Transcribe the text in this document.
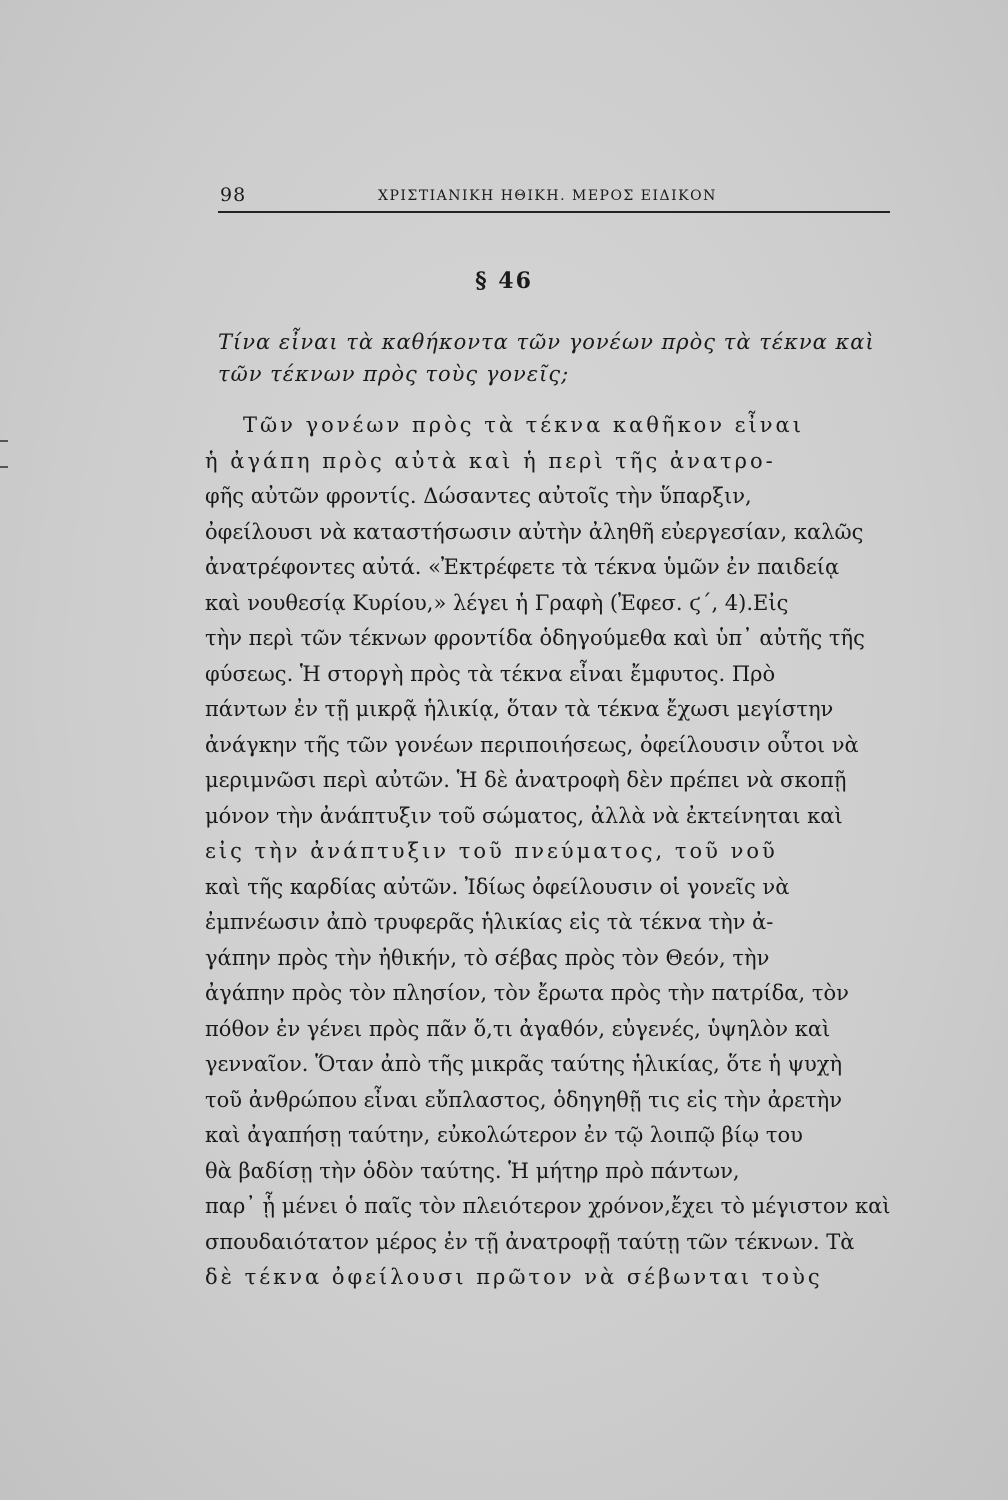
98	ΧΡΙΣΤΙΑΝΙΚΗ ΗΘΙΚΗ. ΜΕΡΟΣ ΕΙΔΙΚΟΝ
§ 46
Τίνα εἶναι τὰ καθήκοντα τῶν γονέων πρὸς τὰ τέκνα καὶ τῶν τέκνων πρὸς τοὺς γονεῖς;
Τῶν γονέων πρὸς τὰ τέκνα καθῆκον εἶναι
ἡ ἀγάπη πρὸς αὐτὰ καὶ ἡ περὶ τῆς ἀνατρο-
φῆς αὐτῶν φροντίς. Δώσαντες αὐτοῖς τὴν ὕπαρξιν,
ὀφείλουσι νὰ καταστήσωσιν αὐτὴν ἀληθῆ εὐεργεσίαν, καλῶς
ἀνατρέφοντες αὐτά. «Ἐκτρέφετε τὰ τέκνα ὑμῶν ἐν παιδείᾳ
καὶ νουθεσίᾳ Κυρίου,» λέγει ἡ Γραφὴ (Ἐφεσ. ϛ΄, 4).Εἰς
τὴν περὶ τῶν τέκνων φροντίδα ὁδηγούμεθα καὶ ὑπ᾽ αὐτῆς τῆς
φύσεως. Ἡ στοργὴ πρὸς τὰ τέκνα εἶναι ἔμφυτος. Πρὸ
πάντων ἐν τῇ μικρᾷ ἡλικίᾳ, ὅταν τὰ τέκνα ἔχωσι μεγίστην
ἀνάγκην τῆς τῶν γονέων περιποιήσεως, ὀφείλουσιν οὗτοι νὰ
μεριμνῶσι περὶ αὐτῶν. Ἡ δὲ ἀνατροφὴ δὲν πρέπει νὰ σκοπῇ
μόνον τὴν ἀνάπτυξιν τοῦ σώματος, ἀλλὰ νὰ ἐκτείνηται καὶ
εἰς τὴν ἀνάπτυξιν τοῦ πνεύματος, τοῦ νοῦ
καὶ τῆς καρδίας αὐτῶν. Ἰδίως ὀφείλουσιν οἱ γονεῖς νὰ
ἐμπνέωσιν ἀπὸ τρυφερᾶς ἡλικίας εἰς τὰ τέκνα τὴν ἀ-
γάπην πρὸς τὴν ἠθικήν, τὸ σέβας πρὸς τὸν Θεόν, τὴν
ἀγάπην πρὸς τὸν πλησίον, τὸν ἔρωτα πρὸς τὴν πατρίδα, τὸν
πόθον ἐν γένει πρὸς πᾶν ὅ,τι ἀγαθόν, εὐγενές, ὑψηλὸν καὶ
γενναῖον. Ὅταν ἀπὸ τῆς μικρᾶς ταύτης ἡλικίας, ὅτε ἡ ψυχὴ
τοῦ ἀνθρώπου εἶναι εὔπλαστος, ὁδηγηθῇ τις εἰς τὴν ἀρετὴν
καὶ ἀγαπήσῃ ταύτην, εὐκολώτερον ἐν τῷ λοιπῷ βίῳ του
θὰ βαδίσῃ τὴν ὁδὸν ταύτης. Ἡ μήτηρ πρὸ πάντων,
παρ᾽ ᾗ μένει ὁ παῖς τὸν πλειότερον χρόνον,ἔχει τὸ μέγιστον καὶ
σπουδαιότατον μέρος ἐν τῇ ἀνατροφῇ ταύτῃ τῶν τέκνων. Τὰ
δὲ τέκνα ὀφείλουσι πρῶτον νὰ σέβωνται τοὺς
